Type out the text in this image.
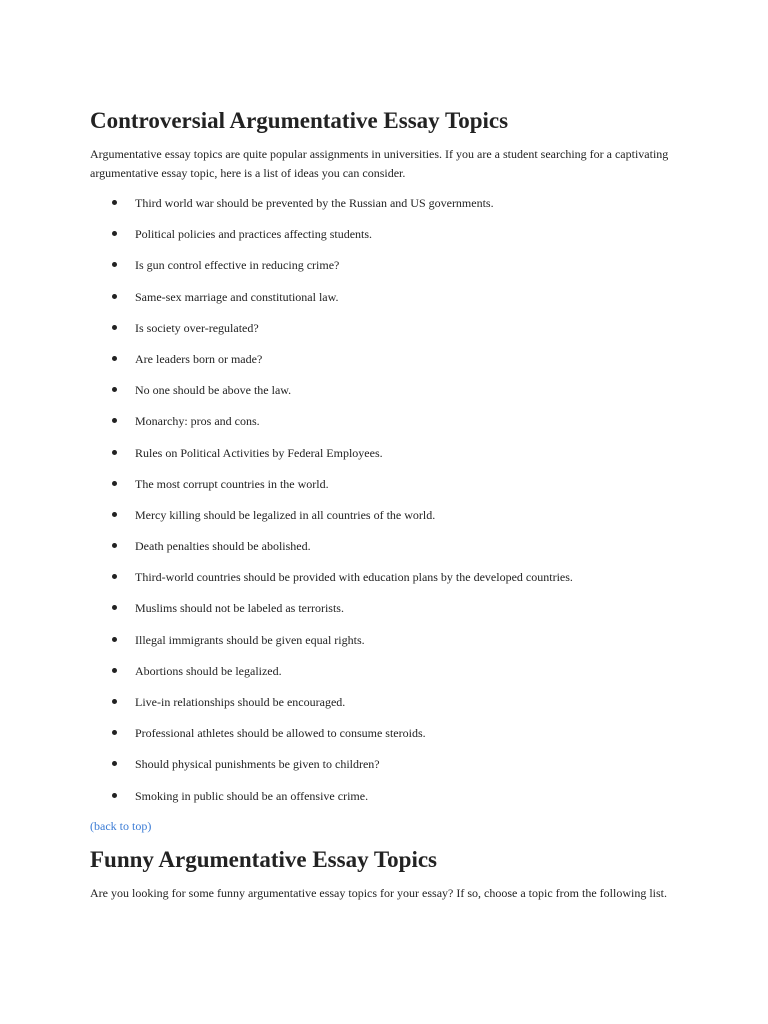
Controversial Argumentative Essay Topics

Argumentative essay topics are quite popular assignments in universities. If you are a student searching for a captivating argumentative essay topic, here is a list of ideas you can consider.

Third world war should be prevented by the Russian and US governments.
Political policies and practices affecting students.
Is gun control effective in reducing crime?
Same-sex marriage and constitutional law.
Is society over-regulated?
Are leaders born or made?
No one should be above the law.
Monarchy: pros and cons.
Rules on Political Activities by Federal Employees.
The most corrupt countries in the world.
Mercy killing should be legalized in all countries of the world.
Death penalties should be abolished.
Third-world countries should be provided with education plans by the developed countries.
Muslims should not be labeled as terrorists.
Illegal immigrants should be given equal rights.
Abortions should be legalized.
Live-in relationships should be encouraged.
Professional athletes should be allowed to consume steroids.
Should physical punishments be given to children?
Smoking in public should be an offensive crime.
(back to top)
Funny Argumentative Essay Topics

Are you looking for some funny argumentative essay topics for your essay? If so, choose a topic from the following list.
